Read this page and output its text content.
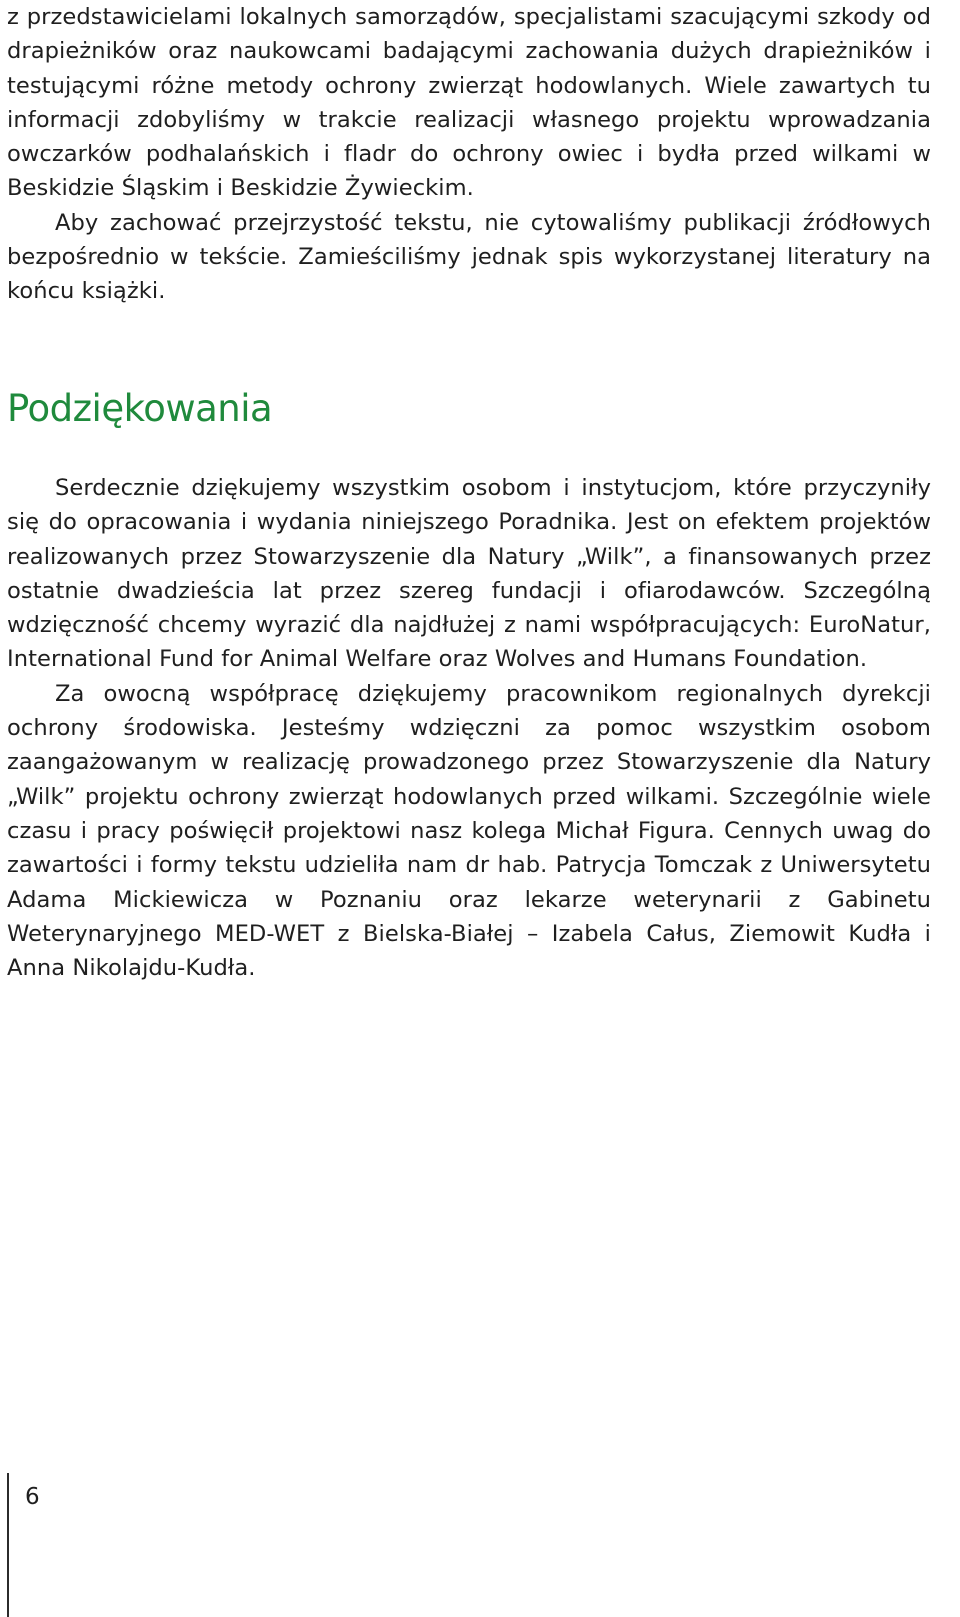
z przedstawicielami lokalnych samorządów, specjalistami szacującymi szkody od drapieżników oraz naukowcami badającymi zachowania dużych drapieżników i testującymi różne metody ochrony zwierząt hodowlanych. Wiele zawartych tu informacji zdobyliśmy w trakcie realizacji własnego projektu wprowadzania owczarków podhalańskich i fladr do ochrony owiec i bydła przed wilkami w Beskidzie Śląskim i Beskidzie Żywieckim.

Aby zachować przejrzystość tekstu, nie cytowaliśmy publikacji źródłowych bezpośrednio w tekście. Zamieściliśmy jednak spis wykorzystanej literatury na końcu książki.

Podziękowania

Serdecznie dziękujemy wszystkim osobom i instytucjom, które przyczyniły się do opracowania i wydania niniejszego Poradnika. Jest on efektem projektów realizowanych przez Stowarzyszenie dla Natury „Wilk”, a finansowanych przez ostatnie dwadzieścia lat przez szereg fundacji i ofiarodawców. Szczególną wdzięczność chcemy wyrazić dla najdłużej z nami współpracujących: EuroNatur, International Fund for Animal Welfare oraz Wolves and Humans Foundation.

Za owocną współpracę dziękujemy pracownikom regionalnych dyrekcji ochrony środowiska. Jesteśmy wdzięczni za pomoc wszystkim osobom zaangażowanym w realizację prowadzonego przez Stowarzyszenie dla Natury „Wilk” projektu ochrony zwierząt hodowlanych przed wilkami. Szczególnie wiele czasu i pracy poświęcił projektowi nasz kolega Michał Figura. Cennych uwag do zawartości i formy tekstu udzieliła nam dr hab. Patrycja Tomczak z Uniwersytetu Adama Mickiewicza w Poznaniu oraz lekarze weterynarii z Gabinetu Weterynaryjnego MED-WET z Bielska-Białej – Izabela Całus, Ziemowit Kudła i Anna Nikolajdu-Kudła.

6
